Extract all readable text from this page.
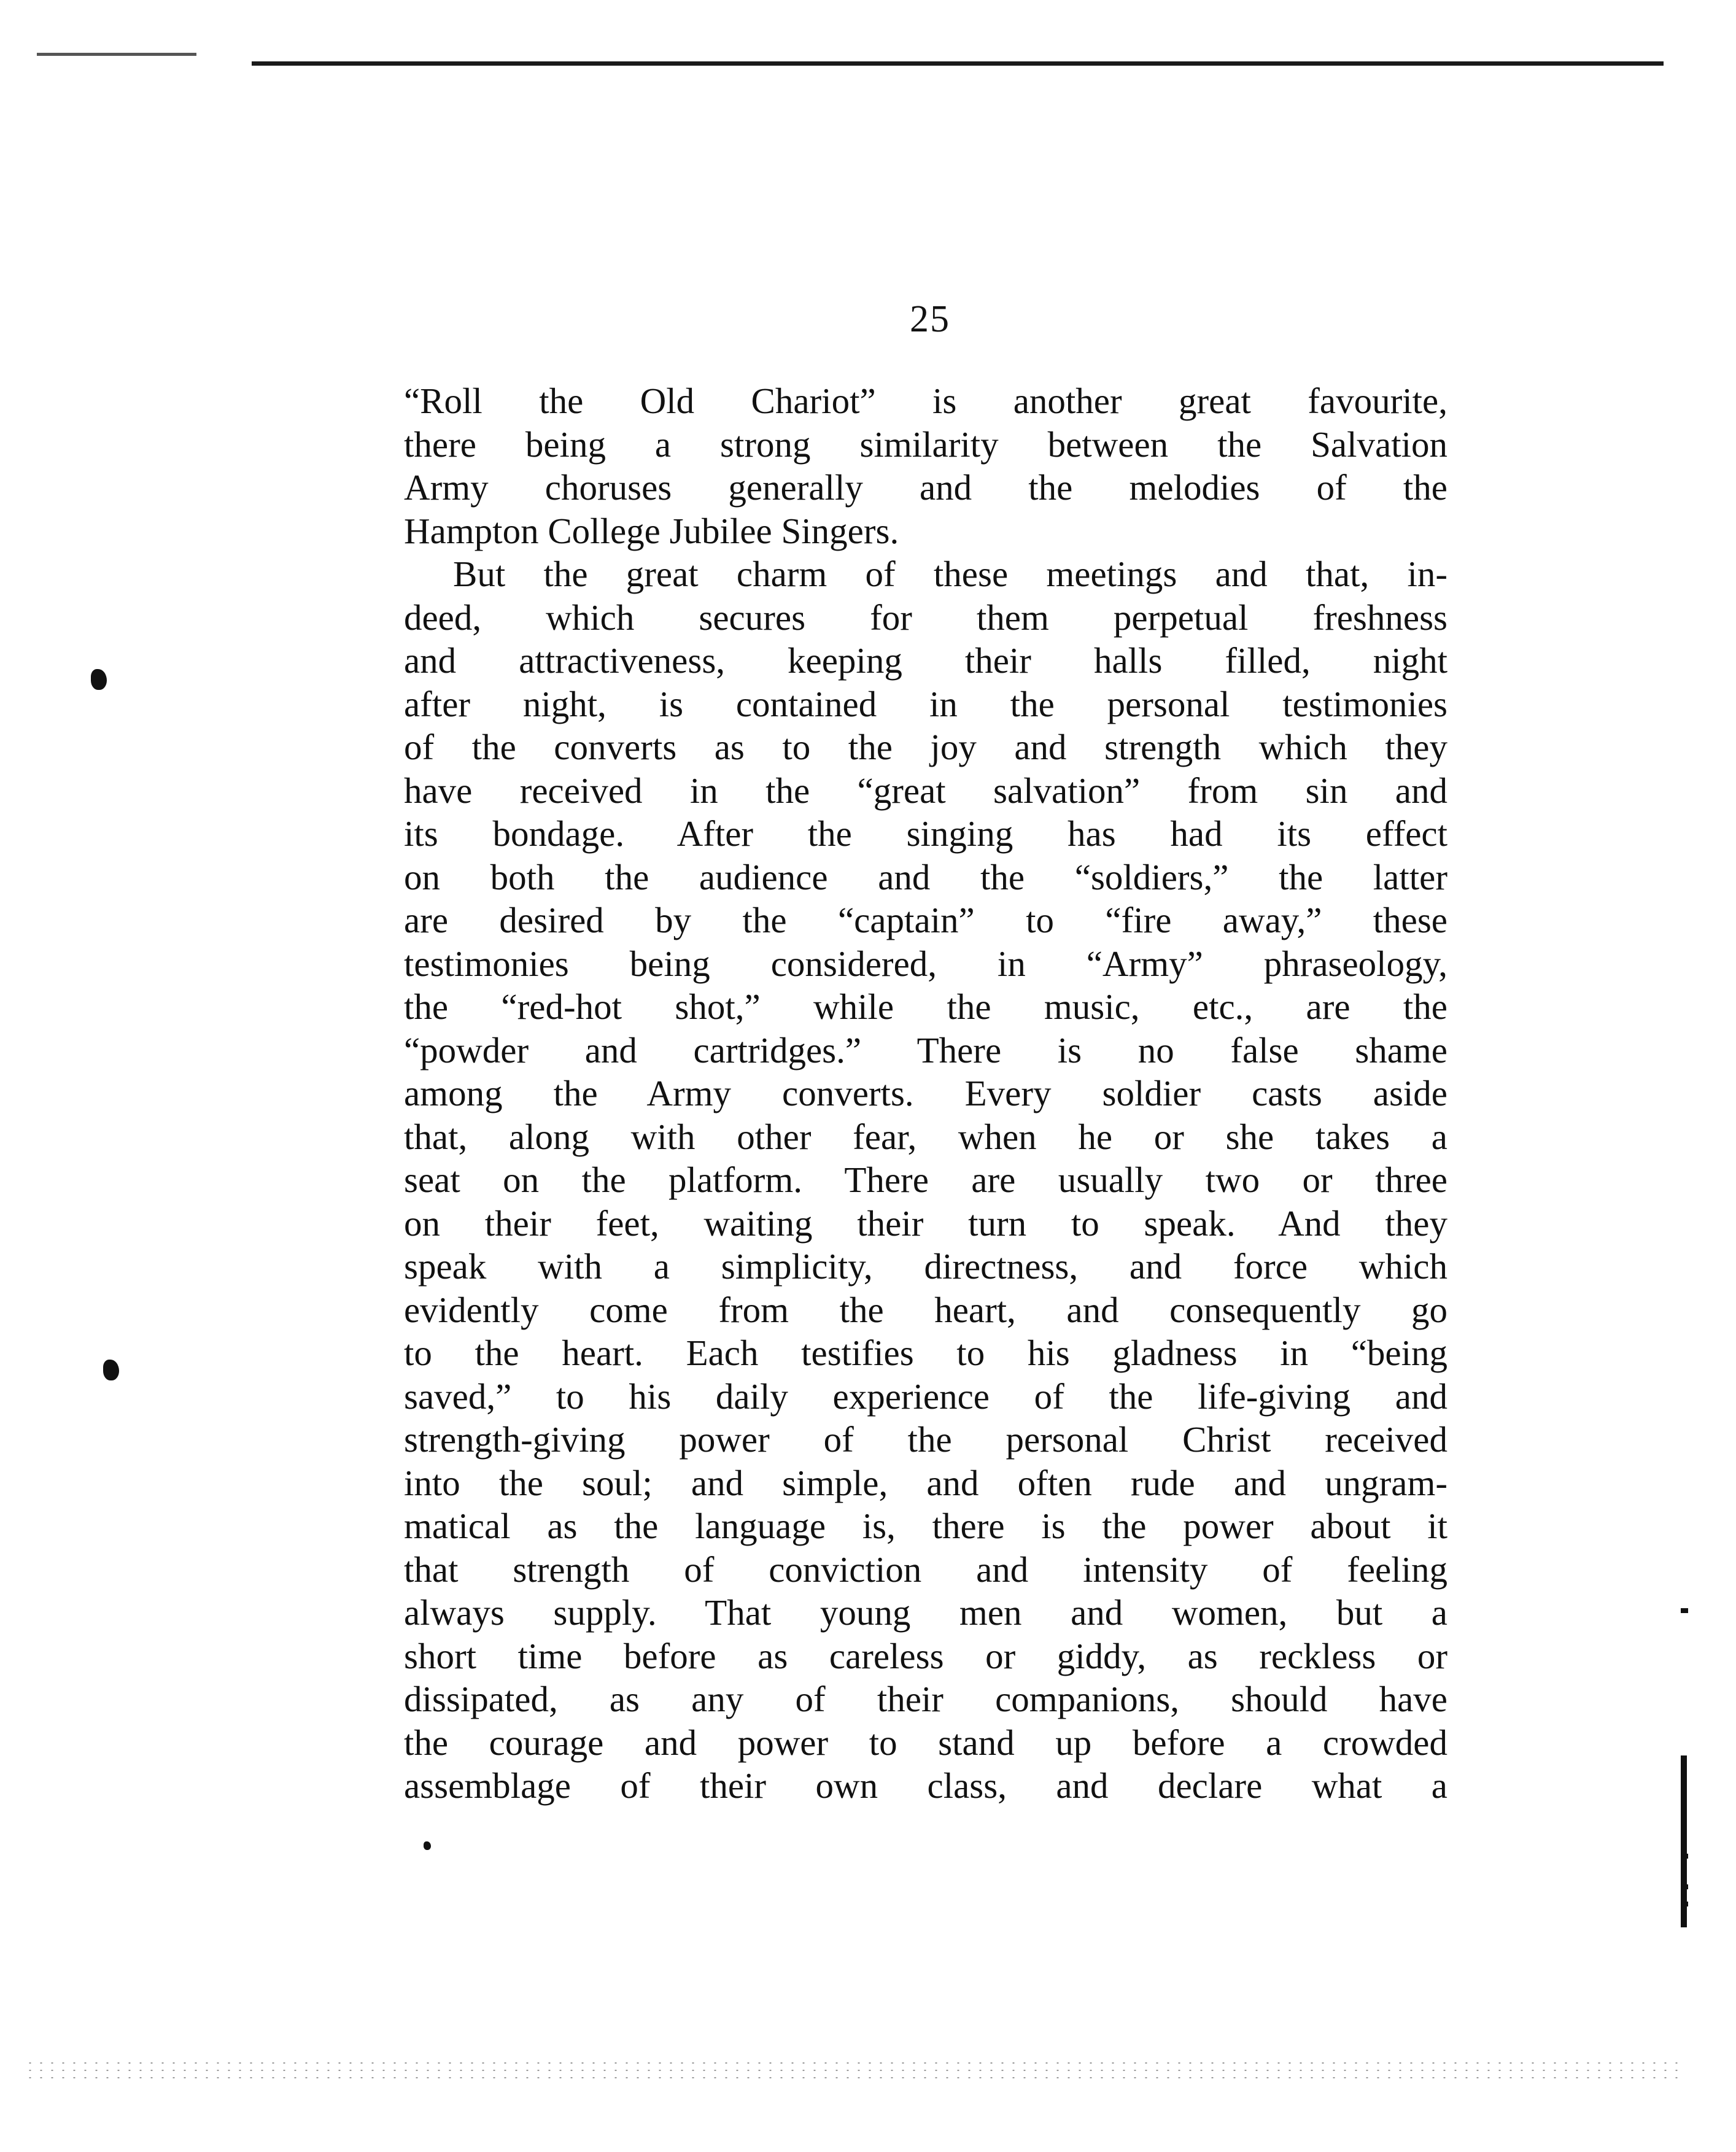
25
“Roll the Old Chariot” is another great favourite,
there being a strong similarity between the Salvation
Army choruses generally and the melodies of the
Hampton College Jubilee Singers.
But the great charm of these meetings and that, in-
deed, which secures for them perpetual freshness
and attractiveness, keeping their halls filled, night
after night, is contained in the personal testimonies
of the converts as to the joy and strength which they
have received in the “great salvation” from sin and
its bondage. After the singing has had its effect
on both the audience and the “soldiers,” the latter
are desired by the “captain” to “fire away,” these
testimonies being considered, in “Army” phraseology,
the “red-hot shot,” while the music, etc., are the
“powder and cartridges.” There is no false shame
among the Army converts. Every soldier casts aside
that, along with other fear, when he or she takes a
seat on the platform. There are usually two or three
on their feet, waiting their turn to speak. And they
speak with a simplicity, directness, and force which
evidently come from the heart, and consequently go
to the heart. Each testifies to his gladness in “being
saved,” to his daily experience of the life-giving and
strength-giving power of the personal Christ received
into the soul; and simple, and often rude and ungram-
matical as the language is, there is the power about it
that strength of conviction and intensity of feeling
always supply. That young men and women, but a
short time before as careless or giddy, as reckless or
dissipated, as any of their companions, should have
the courage and power to stand up before a crowded
assemblage of their own class, and declare what a
